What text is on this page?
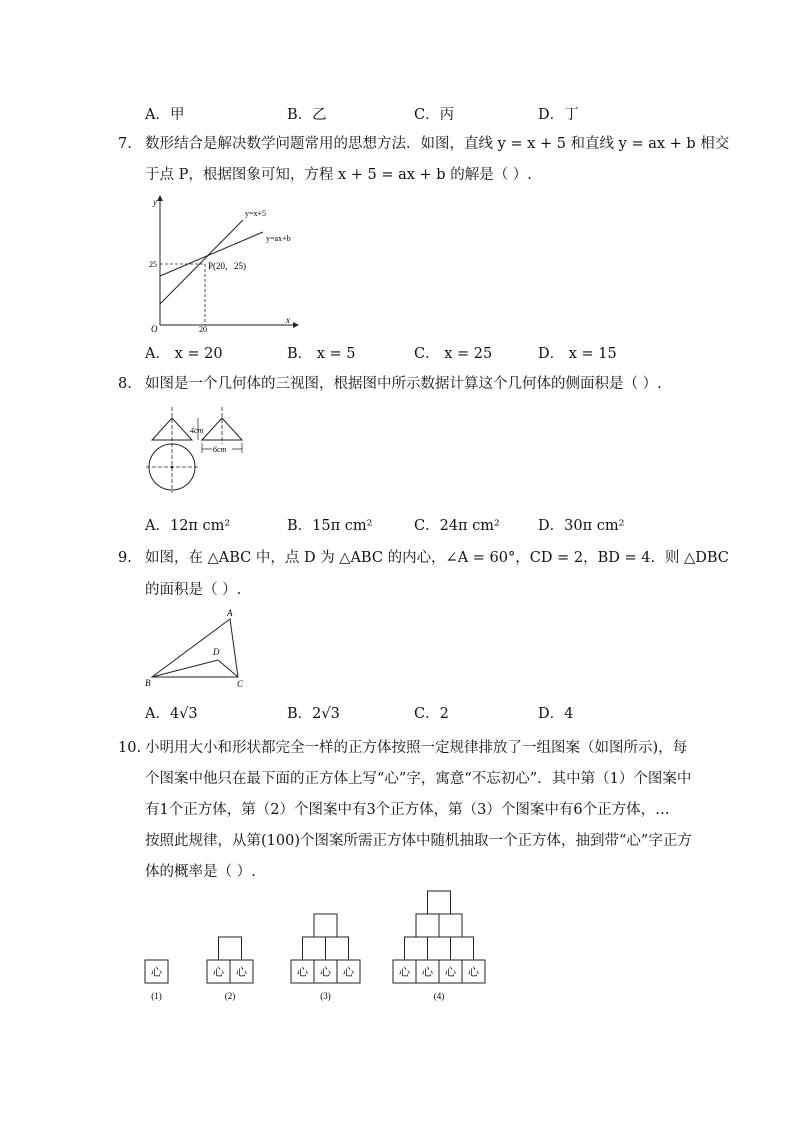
A．甲	B．乙	C．丙	D．丁
7. 数形结合是解决数学问题常用的思想方法．如图，直线 y = x + 5 和直线 y = ax + b 相交
于点 P，根据图象可知，方程 x + 5 = ax + b 的解是（ ）.
y
x
O	20
25	P(20，25)
y=x+5
y=ax+b
A． x = 20	B． x = 5	C． x = 25	D． x = 15
8. 如图是一个几何体的三视图，根据图中所示数据计算这个几何体的侧面积是（ ）.
4cm
6cm
A．12π cm²	B．15π cm²	C．24π cm²	D．30π cm²
9. 如图，在 △ABC 中，点 D 为 △ABC 的内心，∠A = 60°，CD = 2，BD = 4．则 △DBC
的面积是（ ）.
A
B	C
D
A．4√3	B．2√3	C．2	D．4
10. 小明用大小和形状都完全一样的正方体按照一定规律排放了一组图案（如图所示)，每
个图案中他只在最下面的正方体上写“心”字，寓意“不忘初心”．其中第（1）个图案中
有1个正方体，第（2）个图案中有3个正方体，第（3）个图案中有6个正方体，…
按照此规律，从第(100)个图案所需正方体中随机抽取一个正方体，抽到带“心”字正方
体的概率是（ ）.
心
(1)
心 心
(2)
心 心 心
(3)
心 心 心 心
(4)
